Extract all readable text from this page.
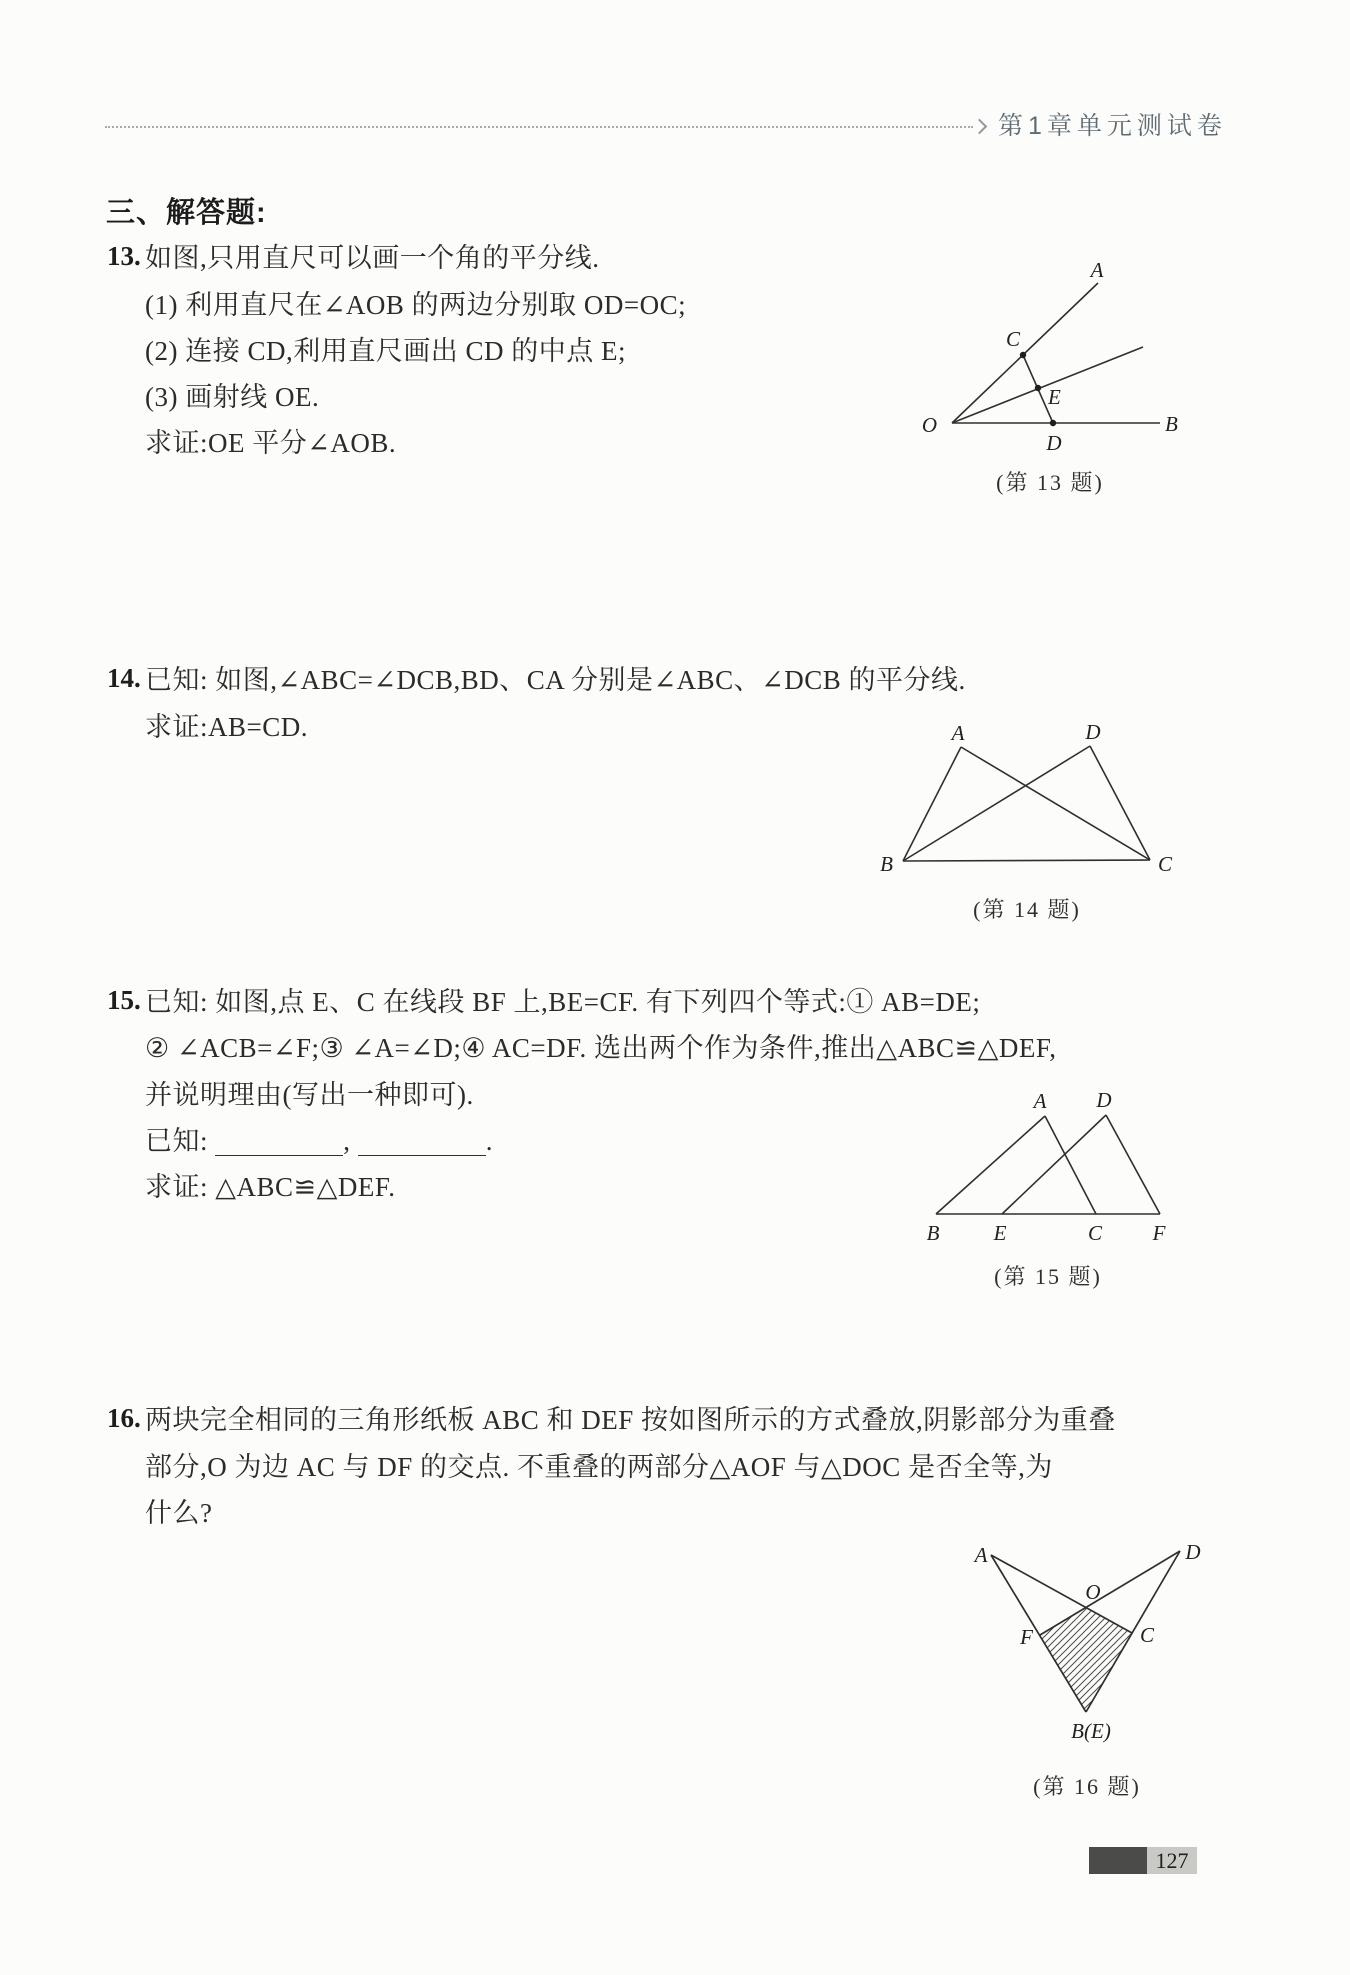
第1章单元测试卷
三、解答题:
13. 如图,只用直尺可以画一个角的平分线.
(1) 利用直尺在∠AOB 的两边分别取 OD=OC;
(2) 连接 CD,利用直尺画出 CD 的中点 E;
(3) 画射线 OE.
求证:OE 平分∠AOB.
A
C
E
O
D
B
(第 13 题)
14. 已知: 如图,∠ABC=∠DCB,BD、CA 分别是∠ABC、∠DCB 的平分线.
求证:AB=CD.	A	D
B	C
(第 14 题)
15. 已知: 如图,点 E、C 在线段 BF 上,BE=CF. 有下列四个等式:① AB=DE;
② ∠ACB=∠F;③ ∠A=∠D;④ AC=DF. 选出两个作为条件,推出△ABC≌△DEF,
并说明理由(写出一种即可).
已知:	,	.
求证: △ABC≌△DEF.
A D
B	E	C F
(第 15 题)
16. 两块完全相同的三角形纸板 ABC 和 DEF 按如图所示的方式叠放,阴影部分为重叠
部分,O 为边 AC 与 DF 的交点. 不重叠的两部分△AOF 与△DOC 是否全等,为
什么?
A	D
O
F	C
B(E)
(第 16 题)
127
